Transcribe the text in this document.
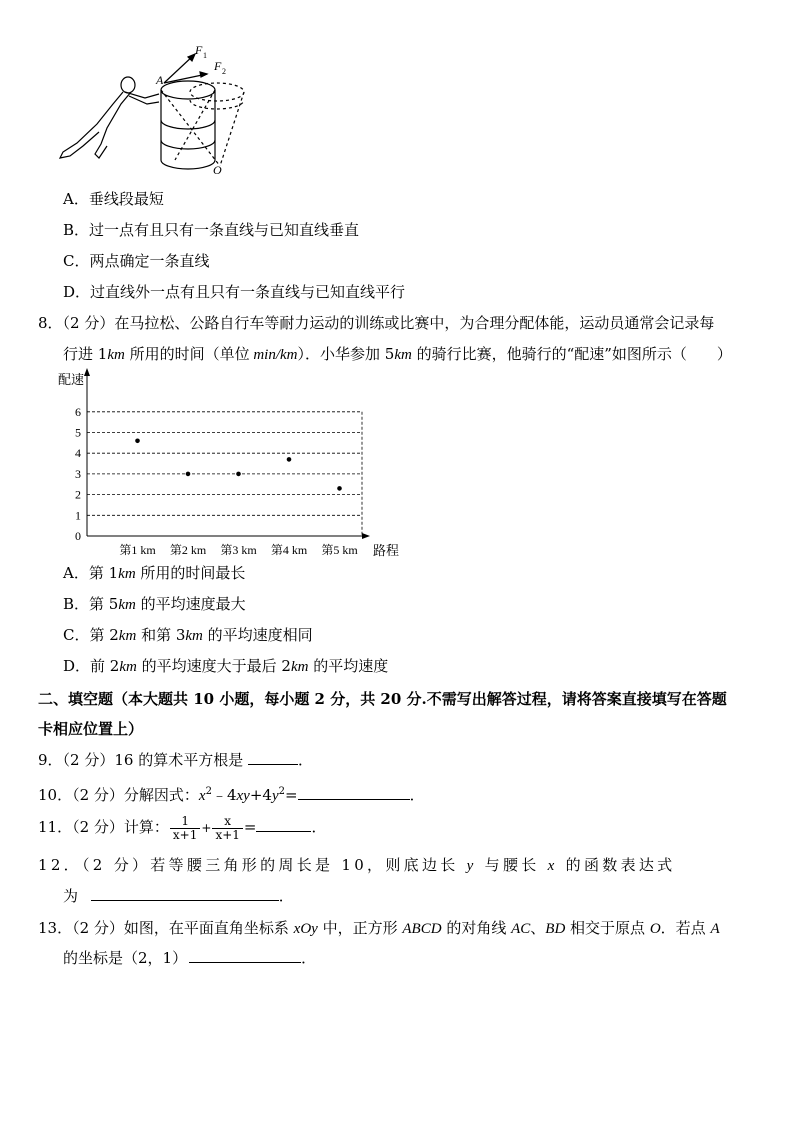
A
F 1
F 2
O
A．垂线段最短
B．过一点有且只有一条直线与已知直线垂直
C．两点确定一条直线
D．过直线外一点有且只有一条直线与已知直线平行
8．（2 分）在马拉松、公路自行车等耐力运动的训练或比赛中，为合理分配体能，运动员通常会记录每
行进 1km 所用的时间（单位 min/km）．小华参加 5km 的骑行比赛，他骑行的“配速”如图所示（　　）
配速
路程
0
1
2
3
4
5
6
第1 km 第2 km 第3 km 第4 km 第5 km
A．第 1km 所用的时间最长
B．第 5km 的平均速度最大
C．第 2km 和第 3km 的平均速度相同
D．前 2km 的平均速度大于最后 2km 的平均速度
二、填空题（本大题共 10 小题，每小题 2 分，共 20 分.不需写出解答过程，请将答案直接填写在答题
卡相应位置上）
9．（2 分）16 的算术平方根是	．
10．（2 分）分解因式：$x^2﹣4xy+4y^2=$	．
11．（2 分）计算： $\frac{1}{x+1} + \frac{x}{x+1}$ =	．
12．（2 分）若等腰三角形的周长是 10，则底边长 y 与腰长 x 的函数表达式
为	．
13．（2 分）如图，在平面直角坐标系 xOy 中，正方形 ABCD 的对角线 AC、BD 相交于原点 O．若点 A
的坐标是（2，1）	．
